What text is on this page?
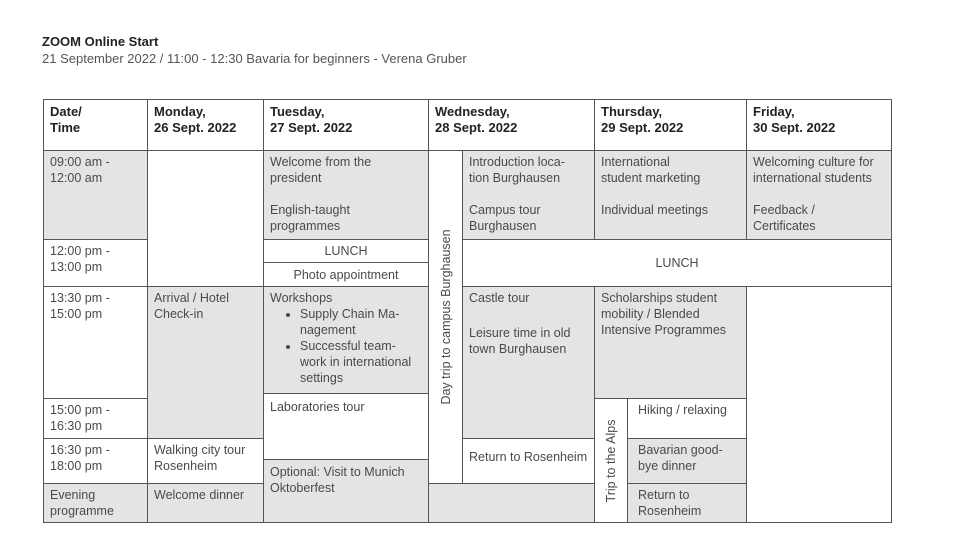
ZOOM Online Start
21 September 2022 / 11:00 - 12:30 Bavaria for beginners - Verena Gruber
Date/
Time
Monday,
26 Sept. 2022
Tuesday,
27 Sept. 2022
Wednesday,
28 Sept. 2022
Thursday,
29 Sept. 2022
Friday,
30 Sept. 2022
09:00 am -
12:00 am
12:00 pm -
13:00 pm
13:30 pm -
15:00 pm
15:00 pm -
16:30 pm
16:30 pm -
18:00 pm
Evening
programme
Arrival / Hotel
Check-in
Walking city tour
Rosenheim
Welcome dinner
Welcome from the
president
English-taught
programmes
LUNCH
Photo appointment
Workshops
• Supply Chain Ma-
nagement
• Successful team-
work in international
settings
Laboratories tour
Optional: Visit to Munich
Oktoberfest
Day trip to campus Burghausen
Introduction loca-
tion Burghausen
Campus tour
Burghausen
Castle tour
Leisure time in old
town Burghausen
Return to Rosenheim
LUNCH
International
student marketing
Individual meetings
Scholarships student
mobility / Blended
Intensive Programmes
Trip to the Alps
Hiking / relaxing
Bavarian good-
bye dinner
Return to
Rosenheim
Welcoming culture for
international students
Feedback /
Certificates
